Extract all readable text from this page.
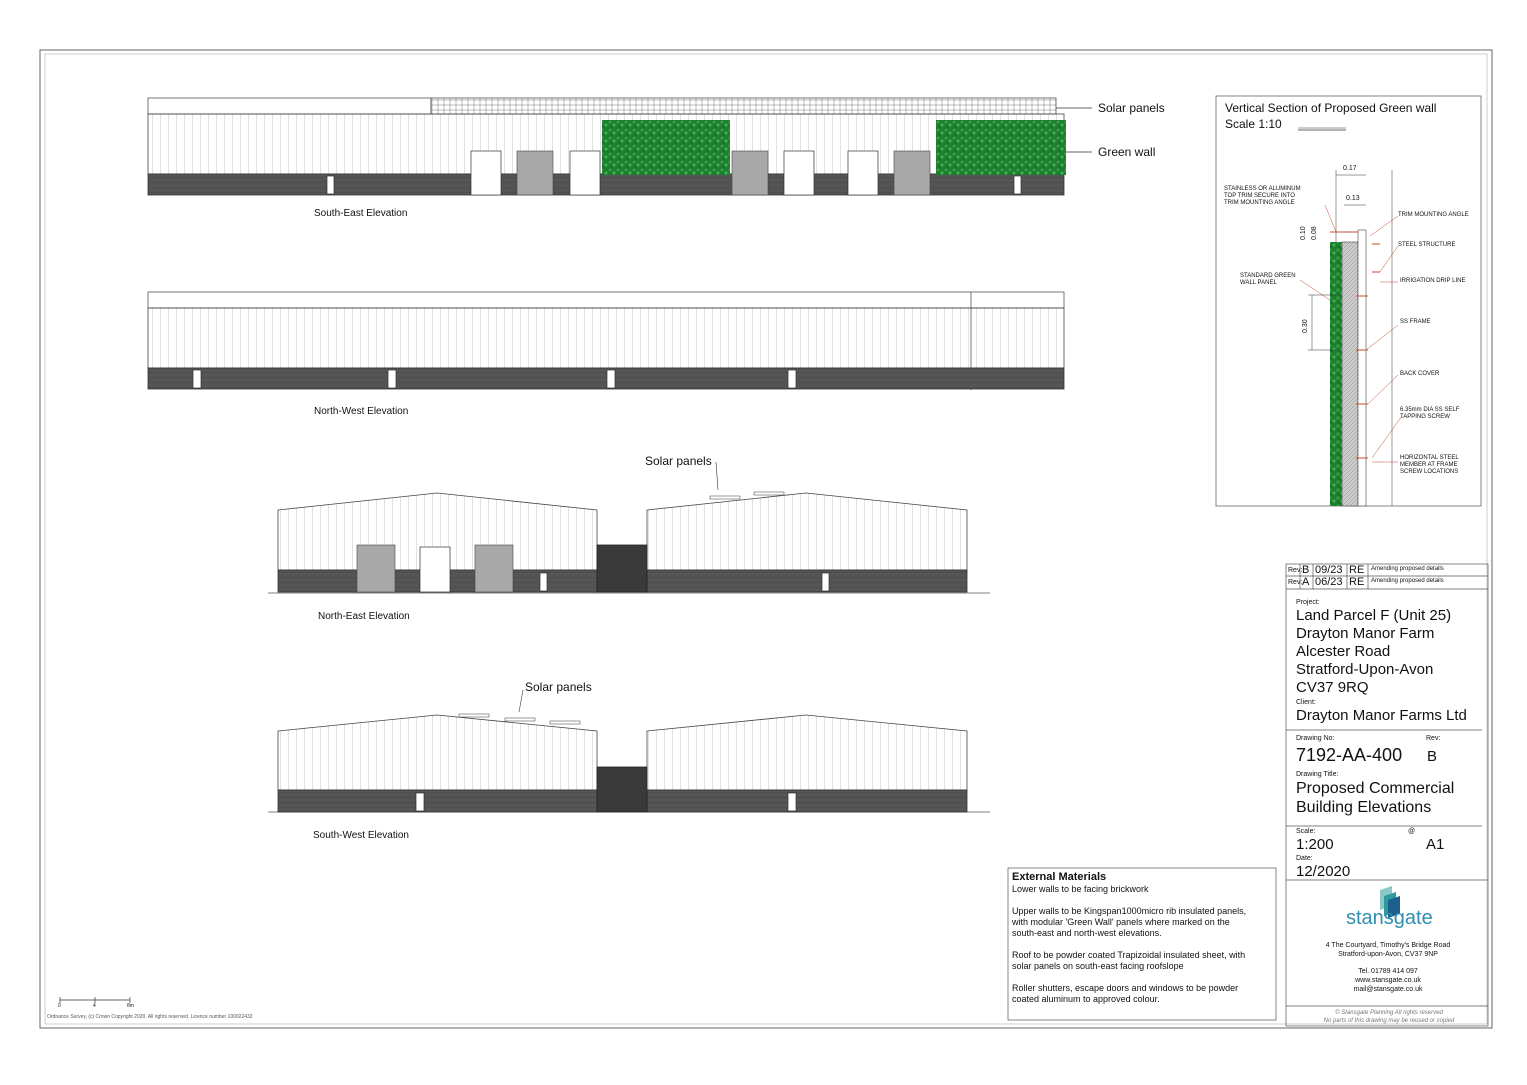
South-East Elevation
North-West Elevation
North-East Elevation
South-West Elevation
Solar panels
Green wall
Solar panels
Solar panels
Vertical Section of Proposed Green wall
Scale 1:10
0.17
0.13
0.10 0.08
0.30
STAINLESS OR ALUMINUM
TOP TRIM SECURE INTO
TRIM MOUNTING ANGLE
STANDARD GREEN
WALL PANEL
TRIM MOUNTING ANGLE
STEEL STRUCTURE
IRRIGATION DRIP LINE
SS FRAME
BACK COVER
6.35mm DIA SS SELF
TAPPING SCREW
HORIZONTAL STEEL
MEMBER AT FRAME
SCREW LOCATIONS
Rev: B 09/23 RE Amending proposed details
Rev: A 06/23 RE Amending proposed details
Project:
Land Parcel F (Unit 25)
Drayton Manor Farm
Alcester Road
Stratford-Upon-Avon
CV37 9RQ
Client:
Drayton Manor Farms Ltd
Drawing No:	Rev:
7192-AA-400 B
Drawing Title:
Proposed Commercial
Building Elevations
Scale:	@
1:200	A1
Date:
12/2020
stansgate
4 The Courtyard, Timothy's Bridge Road
Stratford-upon-Avon, CV37 9NP
Tel. 01789 414 097
www.stansgate.co.uk
mail@stansgate.co.uk
© Stansgate Planning All rights reserved
No parts of this drawing may be reused or copied
External Materials
Lower walls to be facing brickwork
Upper walls to be Kingspan1000micro rib insulated panels,
with modular 'Green Wall' panels where marked on the
south-east and north-west elevations.
Roof to be powder coated Trapizoidal insulated sheet, with
solar panels on south-east facing roofslope
Roller shutters, escape doors and windows to be powder
coated aluminum to approved colour.
0	4	8m
Ordnance Survey, (c) Crown Copyright 2020. All rights reserved. Licence number 100022432
